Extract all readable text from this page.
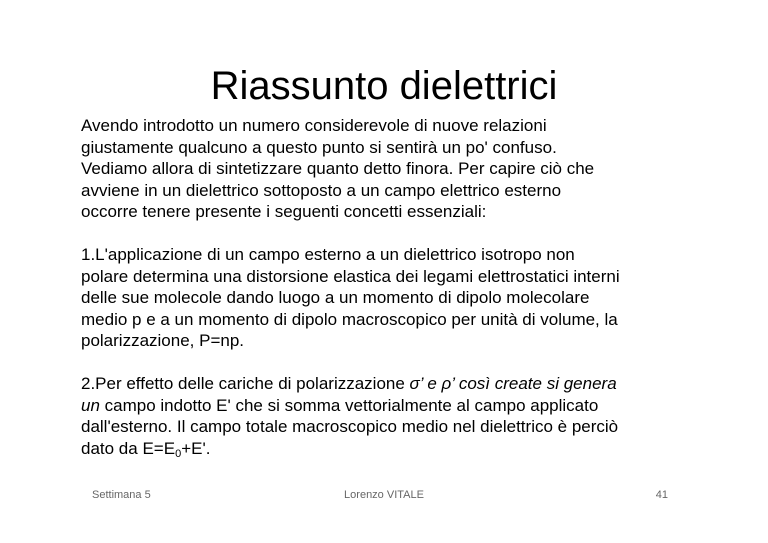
Riassunto dielettrici

Avendo introdotto un numero considerevole di nuove relazioni

giustamente qualcuno a questo punto si sentirà un po' confuso.

Vediamo allora di sintetizzare quanto detto finora. Per capire ciò che

avviene in un dielettrico sottoposto a un campo elettrico esterno

occorre tenere presente i seguenti concetti essenziali:

1.L'applicazione di un campo esterno a un dielettrico isotropo non

polare determina una distorsione elastica dei legami elettrostatici interni

delle sue molecole dando luogo a un momento di dipolo molecolare

medio p e a un momento di dipolo macroscopico per unità di volume, la

polarizzazione, P=np.

2.Per effetto delle cariche di polarizzazione σ’ e ρ’ così create si genera

un campo indotto E' che si somma vettorialmente al campo applicato

dall'esterno. Il campo totale macroscopico medio nel dielettrico è perciò

dato da $E=E_0+E'$.

Settimana 5	Lorenzo VITALE	41
